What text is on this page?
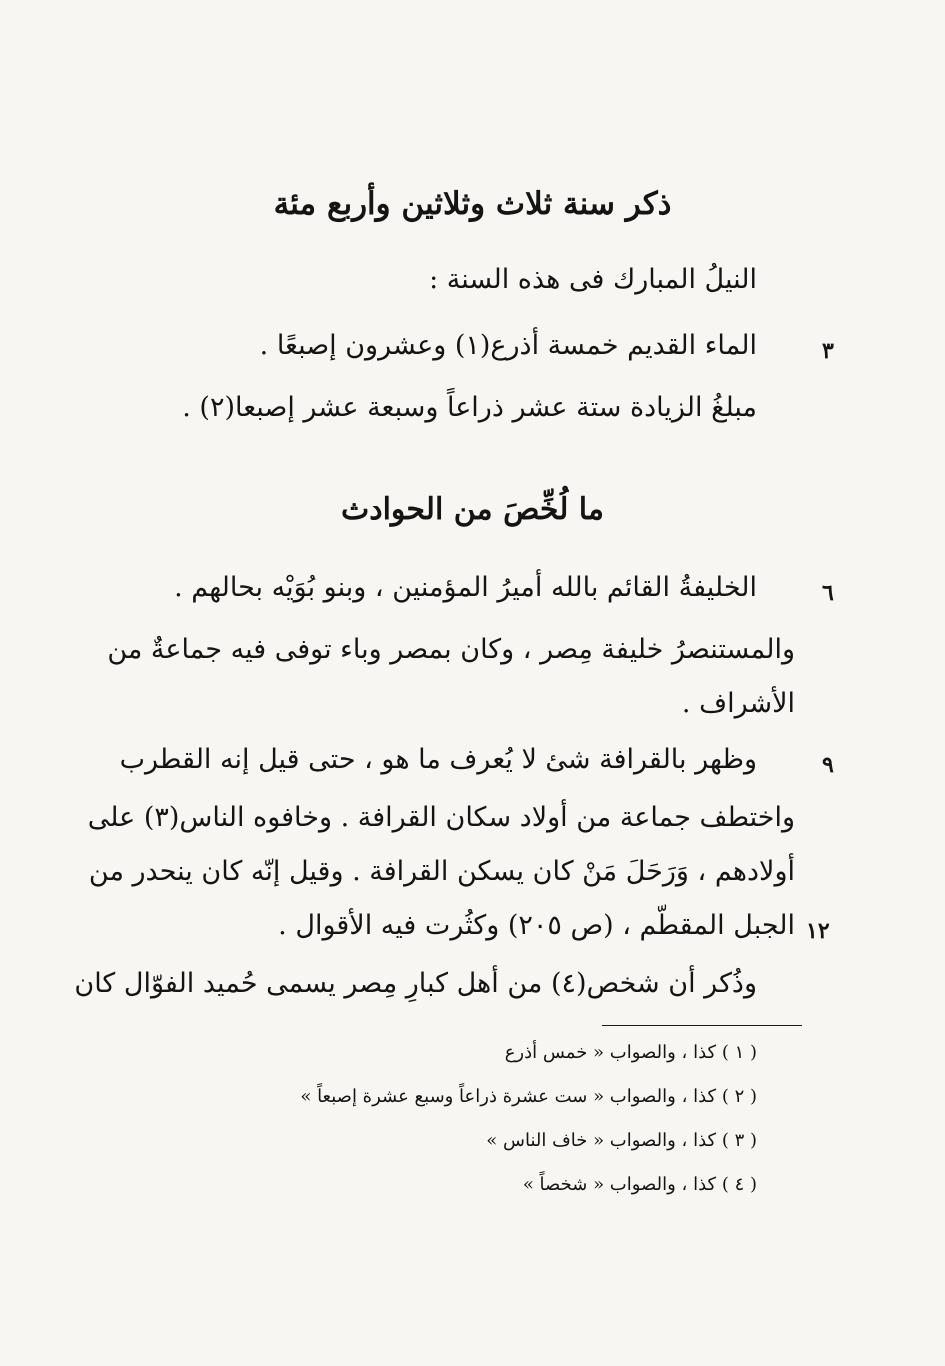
ذكر سنة ثلاث وثلاثين وأربع مئة
النيلُ المبارك فى هذه السنة :
الماء القديم خمسة أذرع(١) وعشرون إصبعًا .	٣
مبلغُ الزيادة ستة عشر ذراعاً وسبعة عشر إصبعا(٢) .
ما لُخِّصَ من الحوادث
الخليفةُ القائم بالله أميرُ المؤمنين ، وبنو بُوَيْه بحالهم .	٦
والمستنصرُ خليفة مِصر ، وكان بمصر وباء توفى فيه جماعةٌ من
الأشراف .
وظهر بالقرافة شئ لا يُعرف ما هو ، حتى قيل إنه القطرب	٩
واختطف جماعة من أولاد سكان القرافة . وخافوه الناس(٣) على
أولادهم ، وَرَحَلَ مَنْ كان يسكن القرافة . وقيل إنّه كان ينحدر من
الجبل المقطّم ، (ص ٢٠٥) وكثُرت فيه الأقوال . ١٢
وذُكر أن شخص(٤) من أهل كبارِ مِصر يسمى حُميد الفوّال كان
( ١ ) كذا ، والصواب « خمس أذرع
( ٢ ) كذا ، والصواب « ست عشرة ذراعاً وسبع عشرة إصبعاً »
( ٣ ) كذا ، والصواب « خاف الناس »
( ٤ ) كذا ، والصواب « شخصاً »
